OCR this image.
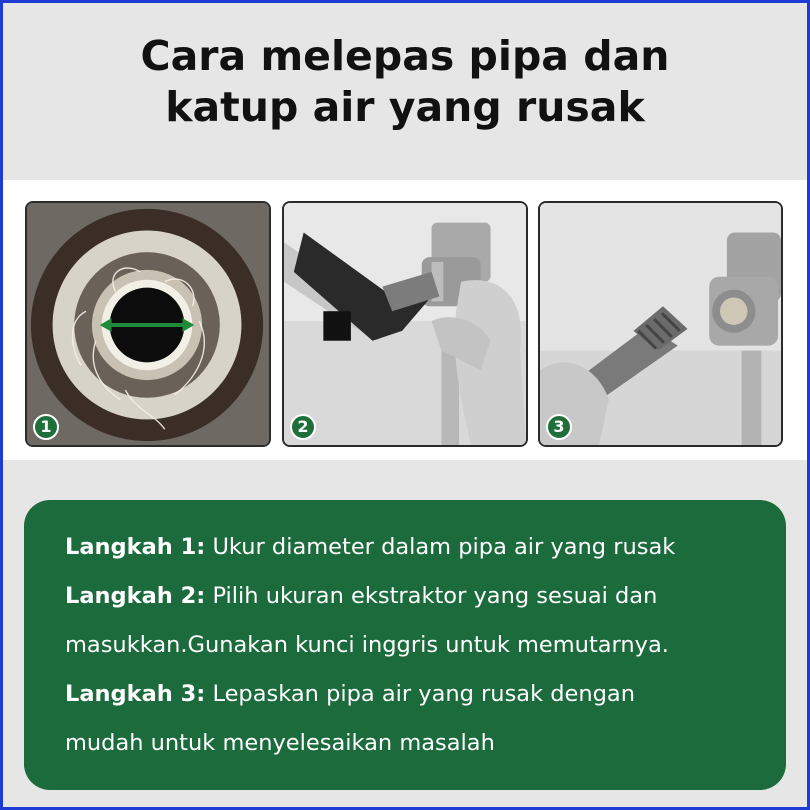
Cara melepas pipa dan
katup air yang rusak
1	2	3

Langkah 1: Ukur diameter dalam pipa air yang rusak

Langkah 2: Pilih ukuran ekstraktor yang sesuai dan

masukkan.Gunakan kunci inggris untuk memutarnya.

Langkah 3: Lepaskan pipa air yang rusak dengan

mudah untuk menyelesaikan masalah
